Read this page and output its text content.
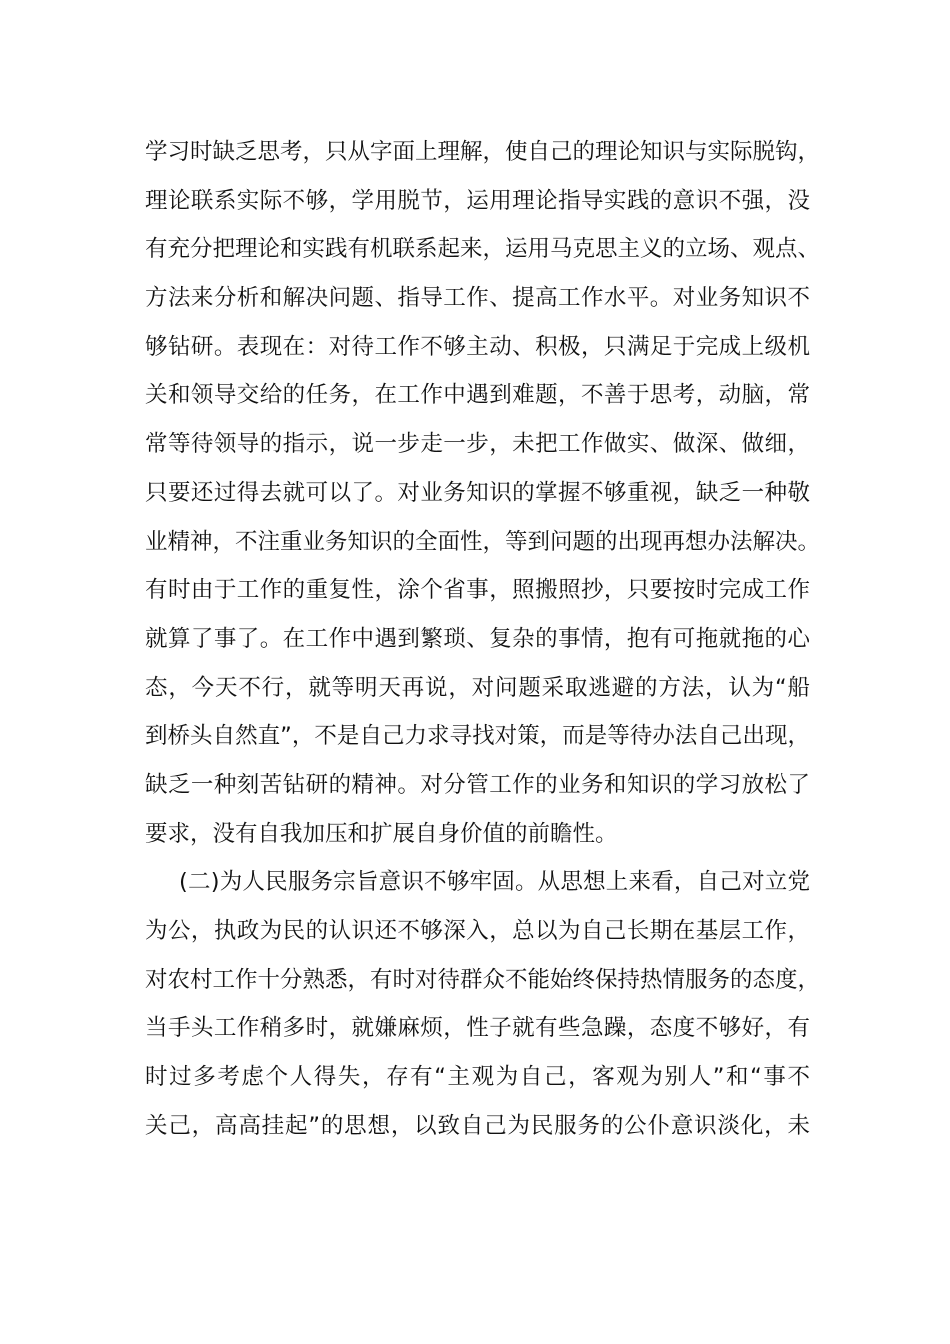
学习时缺乏思考，只从字面上理解，使自己的理论知识与实际脱钩，
理论联系实际不够，学用脱节，运用理论指导实践的意识不强，没
有充分把理论和实践有机联系起来，运用马克思主义的立场、观点、
方法来分析和解决问题、指导工作、提高工作水平。对业务知识不
够钻研。表现在：对待工作不够主动、积极，只满足于完成上级机
关和领导交给的任务，在工作中遇到难题，不善于思考，动脑，常
常等待领导的指示，说一步走一步，未把工作做实、做深、做细，
只要还过得去就可以了。对业务知识的掌握不够重视，缺乏一种敬
业精神，不注重业务知识的全面性，等到问题的出现再想办法解决。
有时由于工作的重复性，涂个省事，照搬照抄，只要按时完成工作
就算了事了。在工作中遇到繁琐、复杂的事情，抱有可拖就拖的心
态，今天不行，就等明天再说，对问题采取逃避的方法，认为“船
到桥头自然直”，不是自己力求寻找对策，而是等待办法自己出现，
缺乏一种刻苦钻研的精神。对分管工作的业务和知识的学习放松了
要求，没有自我加压和扩展自身价值的前瞻性。
(二)为人民服务宗旨意识不够牢固。从思想上来看，自己对立党
为公，执政为民的认识还不够深入，总以为自己长期在基层工作，
对农村工作十分熟悉，有时对待群众不能始终保持热情服务的态度，
当手头工作稍多时，就嫌麻烦，性子就有些急躁，态度不够好，有
时过多考虑个人得失，存有“主观为自己，客观为别人”和“事不
关己，高高挂起”的思想，以致自己为民服务的公仆意识淡化，未
